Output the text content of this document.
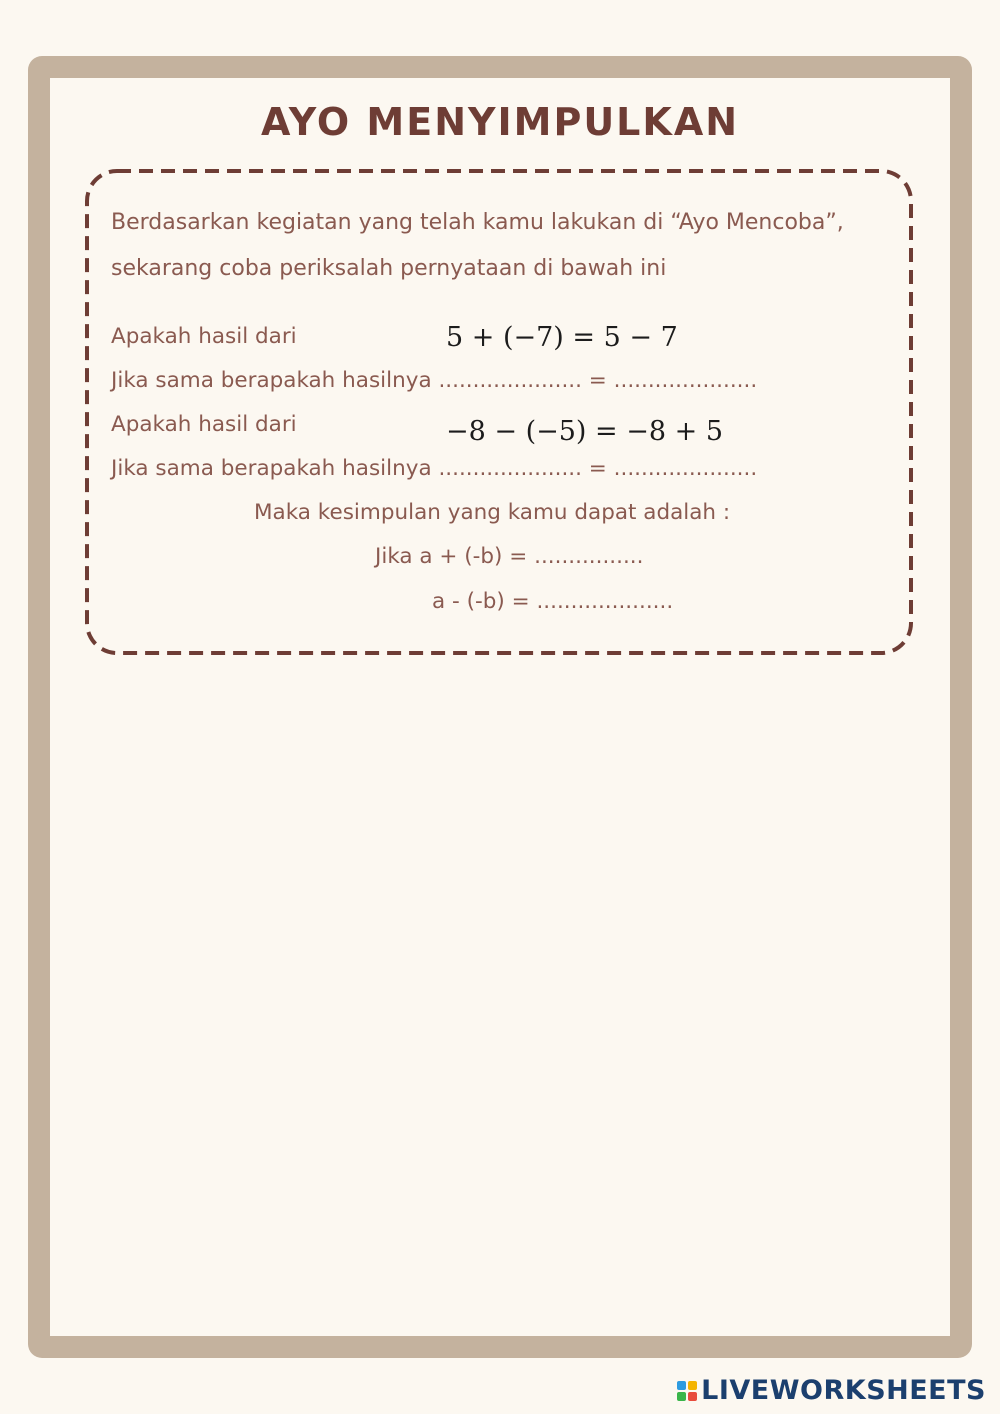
AYO MENYIMPULKAN
Berdasarkan kegiatan yang telah kamu lakukan di “Ayo Mencoba”,
sekarang coba periksalah pernyataan di bawah ini
Apakah hasil dari	5 + (−7) = 5 − 7
Jika sama berapakah hasilnya ..................... = .....................
Apakah hasil dari	−8 − (−5) = −8 + 5
Jika sama berapakah hasilnya ..................... = .....................
Maka kesimpulan yang kamu dapat adalah :
Jika a + (-b) = ................
a - (-b) = ....................
LIVEWORKSHEETS
